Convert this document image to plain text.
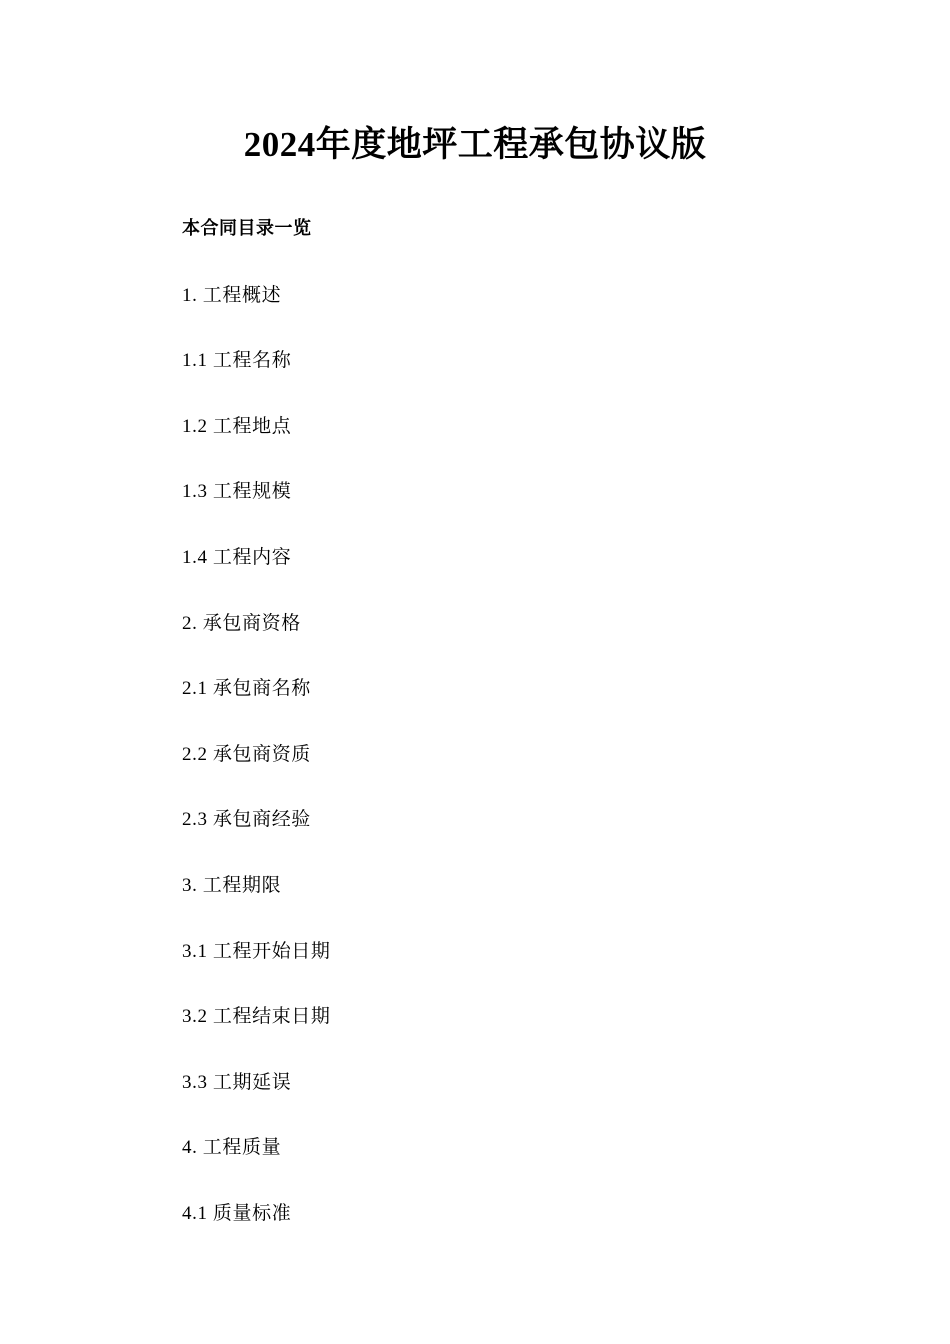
2024年度地坪工程承包协议版
本合同目录一览
1. 工程概述
1.1 工程名称
1.2 工程地点
1.3 工程规模
1.4 工程内容
2. 承包商资格
2.1 承包商名称
2.2 承包商资质
2.3 承包商经验
3. 工程期限
3.1 工程开始日期
3.2 工程结束日期
3.3 工期延误
4. 工程质量
4.1 质量标准
